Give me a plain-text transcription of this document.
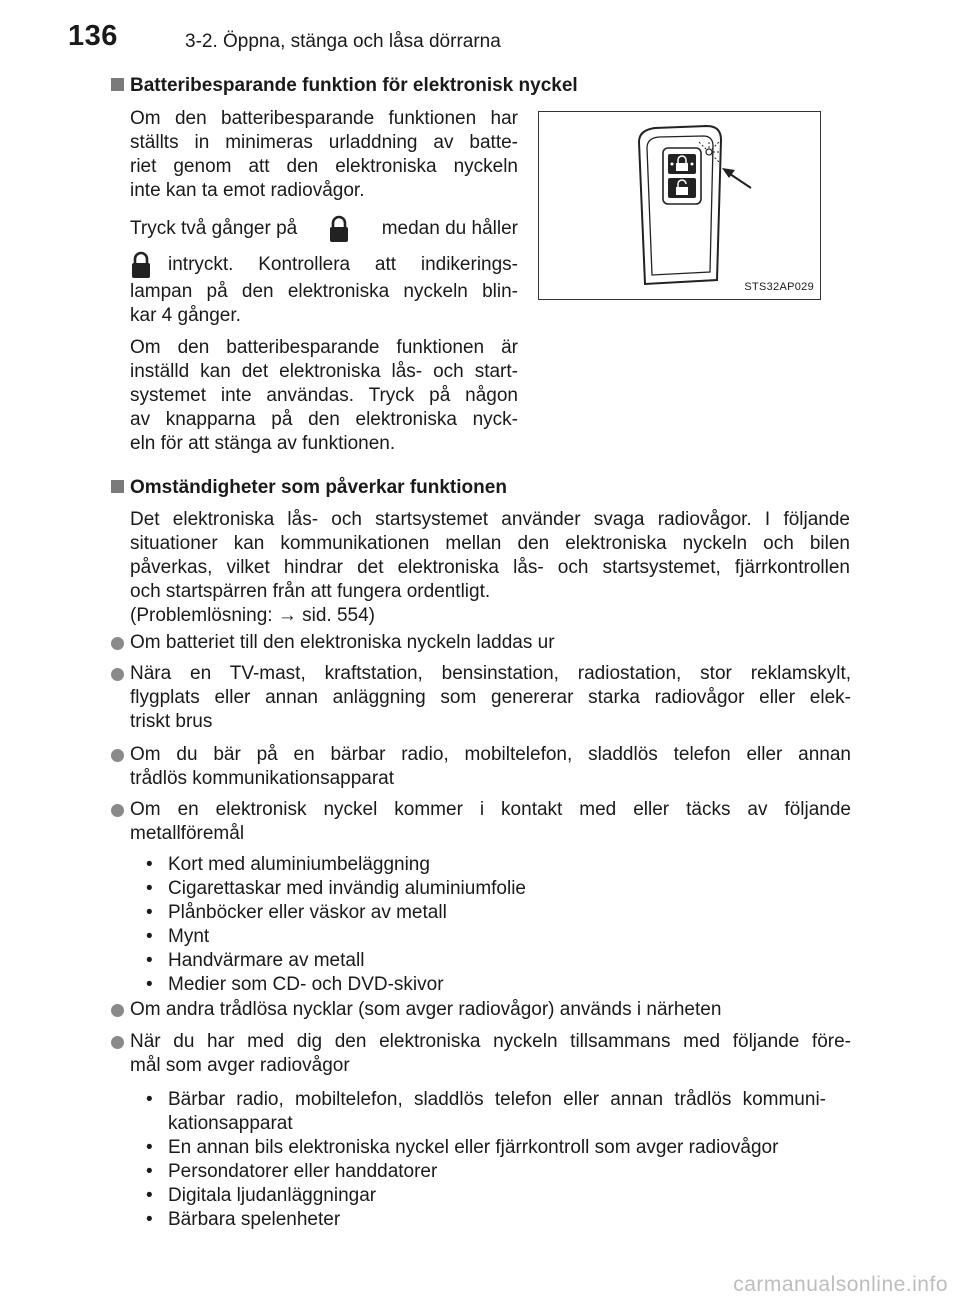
136	3-2. Öppna, stänga och låsa dörrarna
Batteribesparande funktion för elektronisk nyckel
Om den batteribesparande funktionen har
ställts in minimeras urladdning av batte-
riet genom att den elektroniska nyckeln
inte kan ta emot radiovågor.
Tryck två gånger på	medan du håller
intryckt. Kontrollera att indikerings-
lampan på den elektroniska nyckeln blin-
kar 4 gånger.
Om den batteribesparande funktionen är
inställd kan det elektroniska lås- och start-
systemet inte användas. Tryck på någon
av knapparna på den elektroniska nyck-
eln för att stänga av funktionen.
STS32AP029
Omständigheter som påverkar funktionen
Det elektroniska lås- och startsystemet använder svaga radiovågor. I följande
situationer kan kommunikationen mellan den elektroniska nyckeln och bilen
påverkas, vilket hindrar det elektroniska lås- och startsystemet, fjärrkontrollen
och startspärren från att fungera ordentligt.
(Problemlösning: → sid. 554)
Om batteriet till den elektroniska nyckeln laddas ur
Nära en TV-mast, kraftstation, bensinstation, radiostation, stor reklamskylt,
flygplats eller annan anläggning som genererar starka radiovågor eller elek-
triskt brus
Om du bär på en bärbar radio, mobiltelefon, sladdlös telefon eller annan
trådlös kommunikationsapparat
Om en elektronisk nyckel kommer i kontakt med eller täcks av följande
metallföremål
• Kort med aluminiumbeläggning
• Cigarettaskar med invändig aluminiumfolie
• Plånböcker eller väskor av metall
• Mynt
• Handvärmare av metall
• Medier som CD- och DVD-skivor
Om andra trådlösa nycklar (som avger radiovågor) används i närheten
När du har med dig den elektroniska nyckeln tillsammans med följande före-
mål som avger radiovågor
• Bärbar radio, mobiltelefon, sladdlös telefon eller annan trådlös kommuni-
kationsapparat
• En annan bils elektroniska nyckel eller fjärrkontroll som avger radiovågor
• Persondatorer eller handdatorer
• Digitala ljudanläggningar
• Bärbara spelenheter
carmanualsonline.info
